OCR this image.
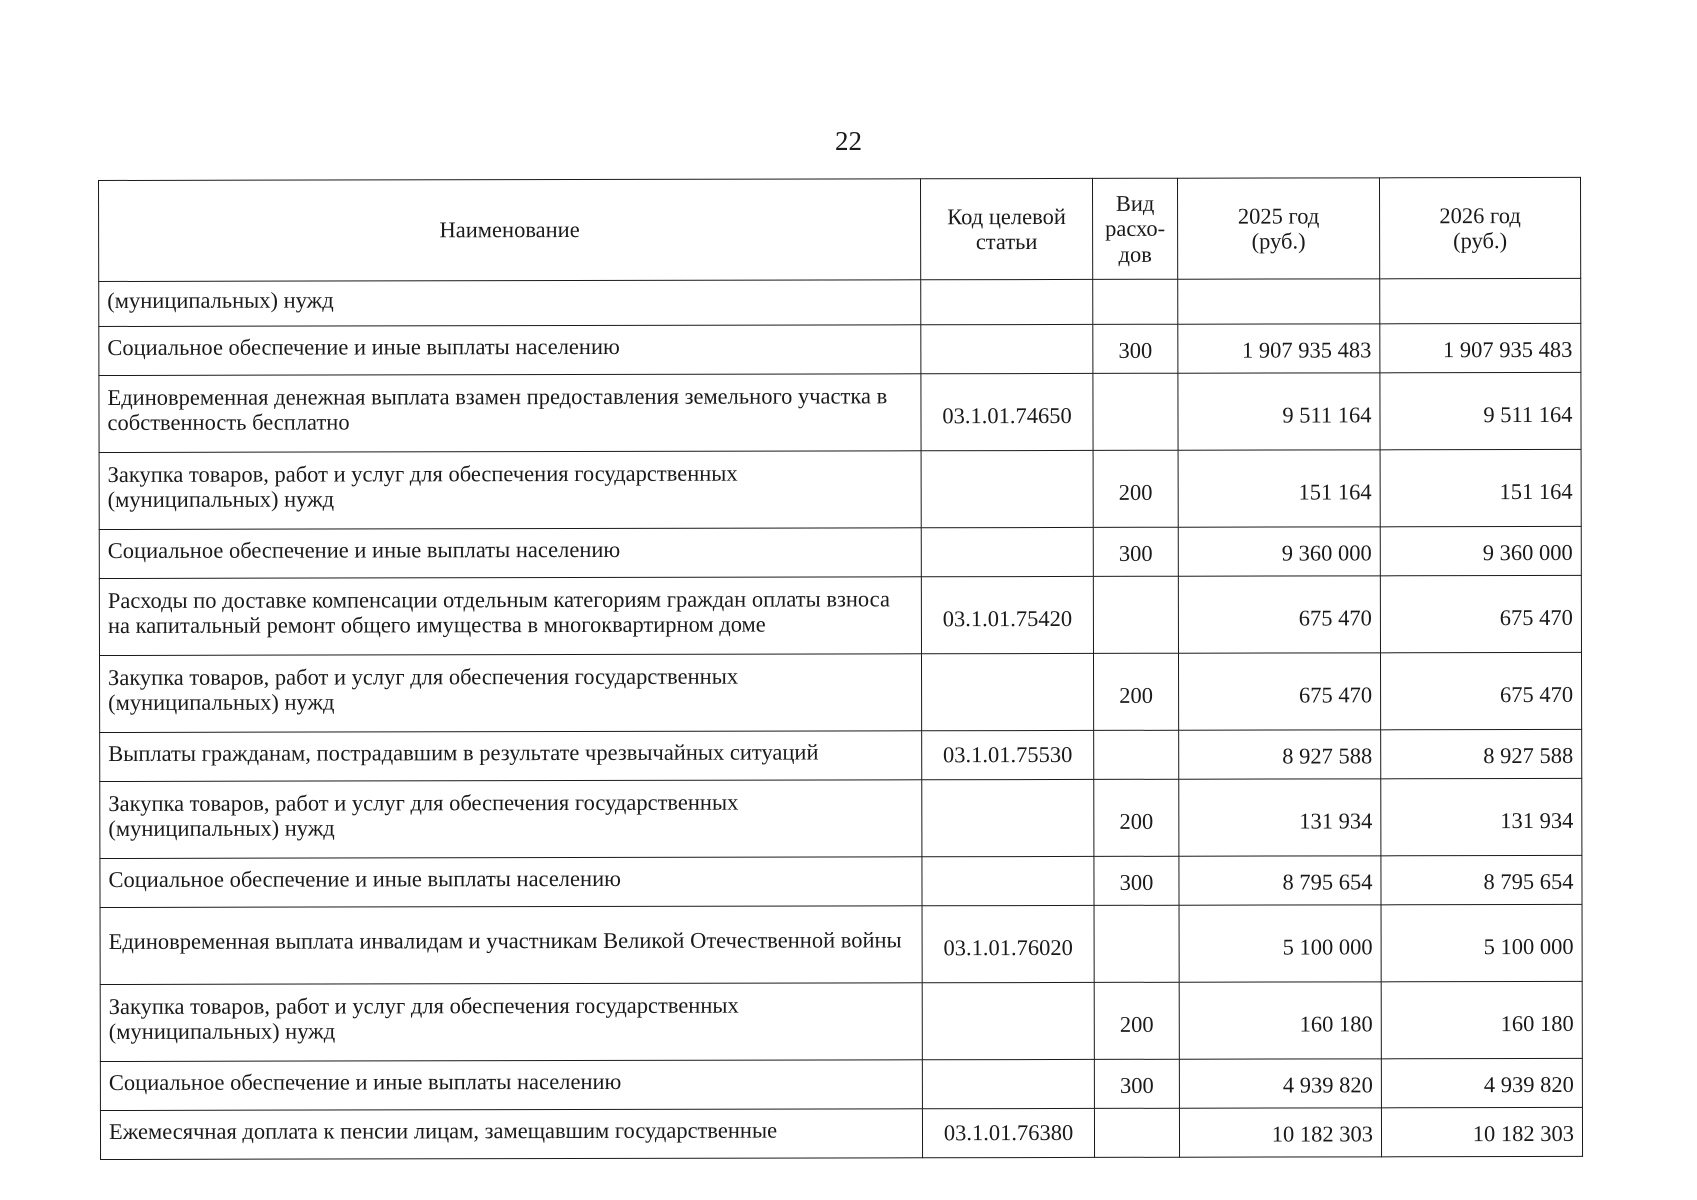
22
Наименование	Код целевой статьи	Вид расхо-дов	2025 год (руб.)	2026 год (руб.)
(муниципальных) нужд				
Социальное обеспечение и иные выплаты населению		300	1 907 935 483	1 907 935 483
Единовременная денежная выплата взамен предоставления земельного участка в собственность бесплатно	03.1.01.74650		9 511 164	9 511 164
Закупка товаров, работ и услуг для обеспечения государственных (муниципальных) нужд		200	151 164	151 164
Социальное обеспечение и иные выплаты населению		300	9 360 000	9 360 000
Расходы по доставке компенсации отдельным категориям граждан оплаты взноса на капитальный ремонт общего имущества в многоквартирном доме	03.1.01.75420		675 470	675 470
Закупка товаров, работ и услуг для обеспечения государственных (муниципальных) нужд		200	675 470	675 470
Выплаты гражданам, пострадавшим в результате чрезвычайных ситуаций	03.1.01.75530		8 927 588	8 927 588
Закупка товаров, работ и услуг для обеспечения государственных (муниципальных) нужд		200	131 934	131 934
Социальное обеспечение и иные выплаты населению		300	8 795 654	8 795 654
Единовременная выплата инвалидам и участникам Великой Отечественной войны	03.1.01.76020		5 100 000	5 100 000
Закупка товаров, работ и услуг для обеспечения государственных (муниципальных) нужд		200	160 180	160 180
Социальное обеспечение и иные выплаты населению		300	4 939 820	4 939 820
Ежемесячная доплата к пенсии лицам, замещавшим государственные	03.1.01.76380		10 182 303	10 182 303
